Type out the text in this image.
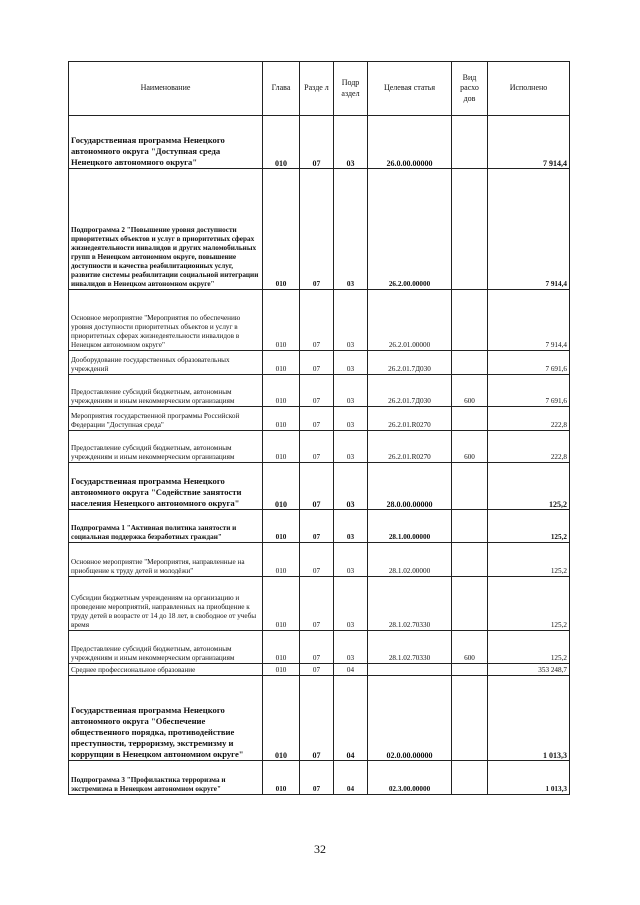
Наименование	Глава	Разде л	Подр аздел	Целевая статья	Вид расхо дов	Исполнено
Государственная программа Ненецкого автономного округа "Доступная среда Ненецкого автономного округа"	010	07	03	26.0.00.00000		7 914,4
Подпрограмма 2 "Повышение уровня доступности приоритетных объектов и услуг в приоритетных сферах жизнедеятельности инвалидов и других маломобильных групп в Ненецком автономном округе, повышение доступности и качества реабилитационных услуг, развитие системы реабилитации социальной интеграции инвалидов в Ненецком автономном округе"	010	07	03	26.2.00.00000		7 914,4
Основное мероприятие "Мероприятия по обеспечению уровня доступности приоритетных объектов и услуг в приоритетных сферах жизнедеятельности инвалидов в Ненецком автономном округе"	010	07	03	26.2.01.00000		7 914,4
Дооборудование государственных образовательных учреждений	010	07	03	26.2.01.7Д030		7 691,6
Предоставление субсидий бюджетным, автономным учреждениям и иным некоммерческим организациям	010	07	03	26.2.01.7Д030	600	7 691,6
Мероприятия государственной программы Российской Федерации "Доступная среда"	010	07	03	26.2.01.R0270		222,8
Предоставление субсидий бюджетным, автономным учреждениям и иным некоммерческим организациям	010	07	03	26.2.01.R0270	600	222,8
Государственная программа Ненецкого автономного округа "Содействие занятости населения Ненецкого автономного округа"	010	07	03	28.0.00.00000		125,2
Подпрограмма 1 "Активная политика занятости и социальная поддержка безработных граждан"	010	07	03	28.1.00.00000		125,2
Основное мероприятие "Мероприятия, направленные на приобщение к труду детей и молодёжи"	010	07	03	28.1.02.00000		125,2
Субсидии бюджетным учреждениям на организацию и проведение мероприятий, направленных на приобщение к труду детей в возрасте от 14 до 18 лет, в свободное от учебы время	010	07	03	28.1.02.70330		125,2
Предоставление субсидий бюджетным, автономным учреждениям и иным некоммерческим организациям	010	07	03	28.1.02.70330	600	125,2
Среднее профессиональное образование	010	07	04			353 248,7
Государственная программа Ненецкого автономного округа "Обеспечение общественного порядка, противодействие преступности, терроризму, экстремизму и коррупции в Ненецком автономном округе"	010	07	04	02.0.00.00000		1 013,3
Подпрограмма 3 "Профилактика терроризма и экстремизма в Ненецком автономном округе"	010	07	04	02.3.00.00000		1 013,3
32
